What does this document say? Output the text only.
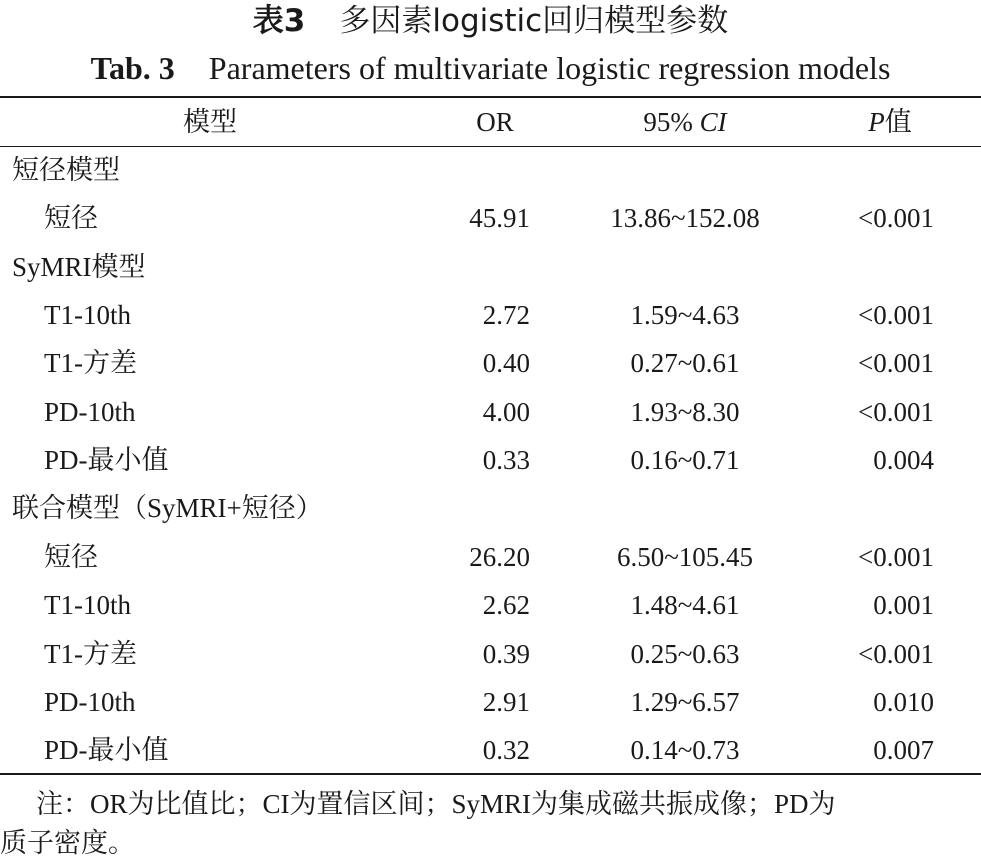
表3 多因素logistic回归模型参数
Tab. 3 Parameters of multivariate logistic regression models
模型	OR	95% CI	P值
短径模型
短径	45.91	13.86~152.08	<0.001
SyMRI模型
T1-10th	2.72	1.59~4.63	<0.001
T1-方差	0.40	0.27~0.61	<0.001
PD-10th	4.00	1.93~8.30	<0.001
PD-最小值	0.33	0.16~0.71	0.004
联合模型（SyMRI+短径）
短径	26.20	6.50~105.45	<0.001
T1-10th	2.62	1.48~4.61	0.001
T1-方差	0.39	0.25~0.63	<0.001
PD-10th	2.91	1.29~6.57	0.010
PD-最小值	0.32	0.14~0.73	0.007
注：OR为比值比；CI为置信区间；SyMRI为集成磁共振成像；PD为
质子密度。
